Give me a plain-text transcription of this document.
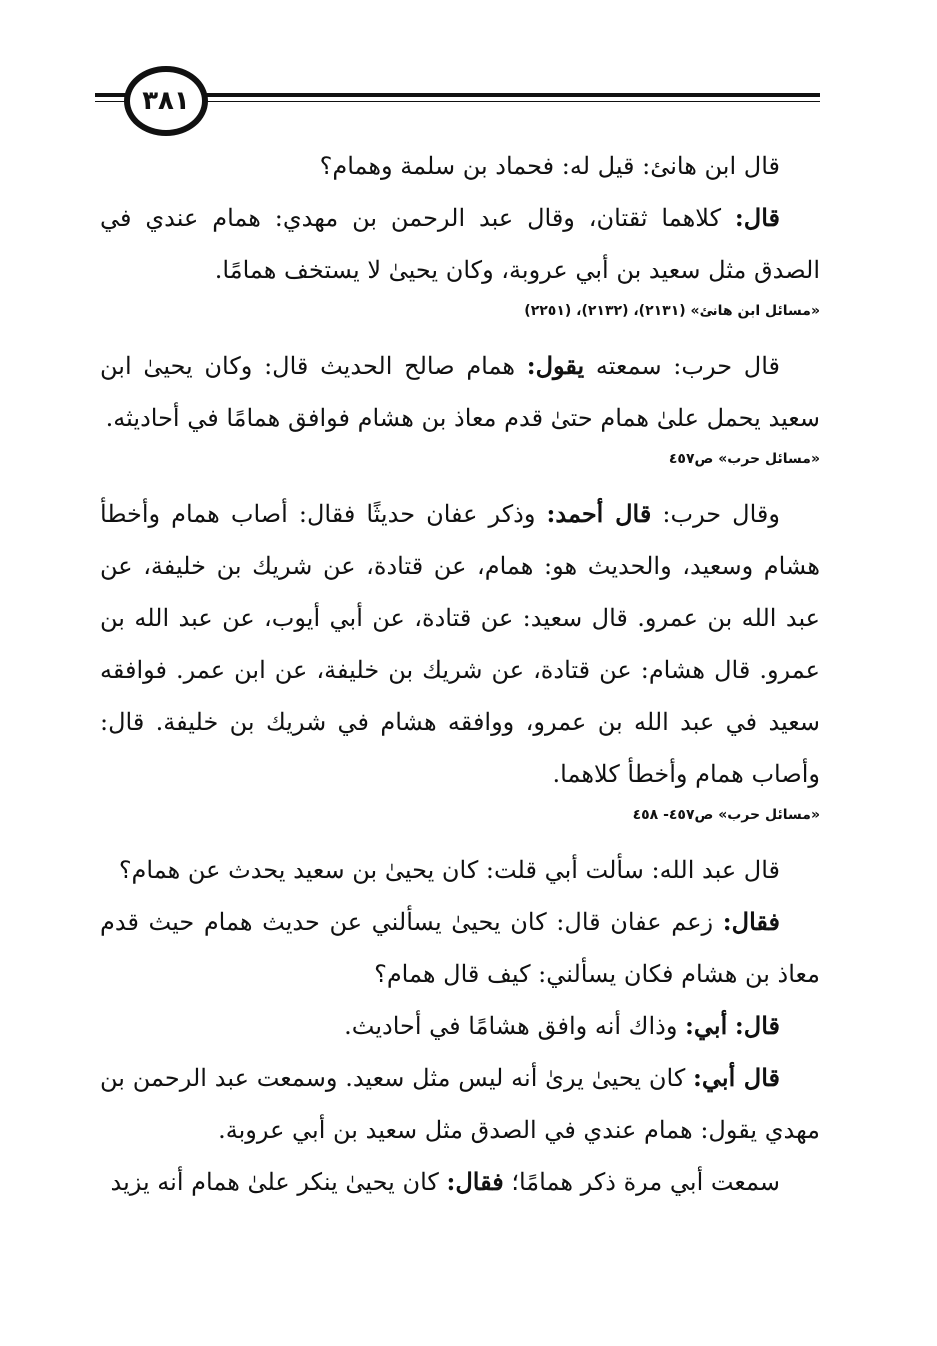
٣٨١

قال ابن هانئ: قيل له: فحماد بن سلمة وهمام؟

قال: كلاهما ثقتان، وقال عبد الرحمن بن مهدي: همام عندي في الصدق مثل سعيد بن أبي عروبة، وكان يحيىٰ لا يستخف همامًا.

«مسائل ابن هانئ» (٢١٣١)، (٢١٣٢)، (٢٢٥١)

قال حرب: سمعته يقول: همام صالح الحديث قال: وكان يحيىٰ ابن سعيد يحمل علىٰ همام حتىٰ قدم معاذ بن هشام فوافق همامًا في أحاديثه.

«مسائل حرب» ص٤٥٧

وقال حرب: قال أحمد: وذكر عفان حديثًا فقال: أصاب همام وأخطأ هشام وسعيد، والحديث هو: همام، عن قتادة، عن شريك بن خليفة، عن عبد الله بن عمرو. قال سعيد: عن قتادة، عن أبي أيوب، عن عبد الله بن عمرو. قال هشام: عن قتادة، عن شريك بن خليفة، عن ابن عمر. فوافقه سعيد في عبد الله بن عمرو، ووافقه هشام في شريك بن خليفة. قال: وأصاب همام وأخطأ كلاهما.

«مسائل حرب» ص٤٥٧- ٤٥٨

قال عبد الله: سألت أبي قلت: كان يحيىٰ بن سعيد يحدث عن همام؟

فقال: زعم عفان قال: كان يحيىٰ يسألني عن حديث همام حيث قدم معاذ بن هشام فكان يسألني: كيف قال همام؟

قال: أبي: وذاك أنه وافق هشامًا في أحاديث.

قال أبي: كان يحيىٰ يرىٰ أنه ليس مثل سعيد. وسمعت عبد الرحمن بن مهدي يقول: همام عندي في الصدق مثل سعيد بن أبي عروبة.

سمعت أبي مرة ذكر همامًا؛ فقال: كان يحيىٰ ينكر علىٰ همام أنه يزيد
